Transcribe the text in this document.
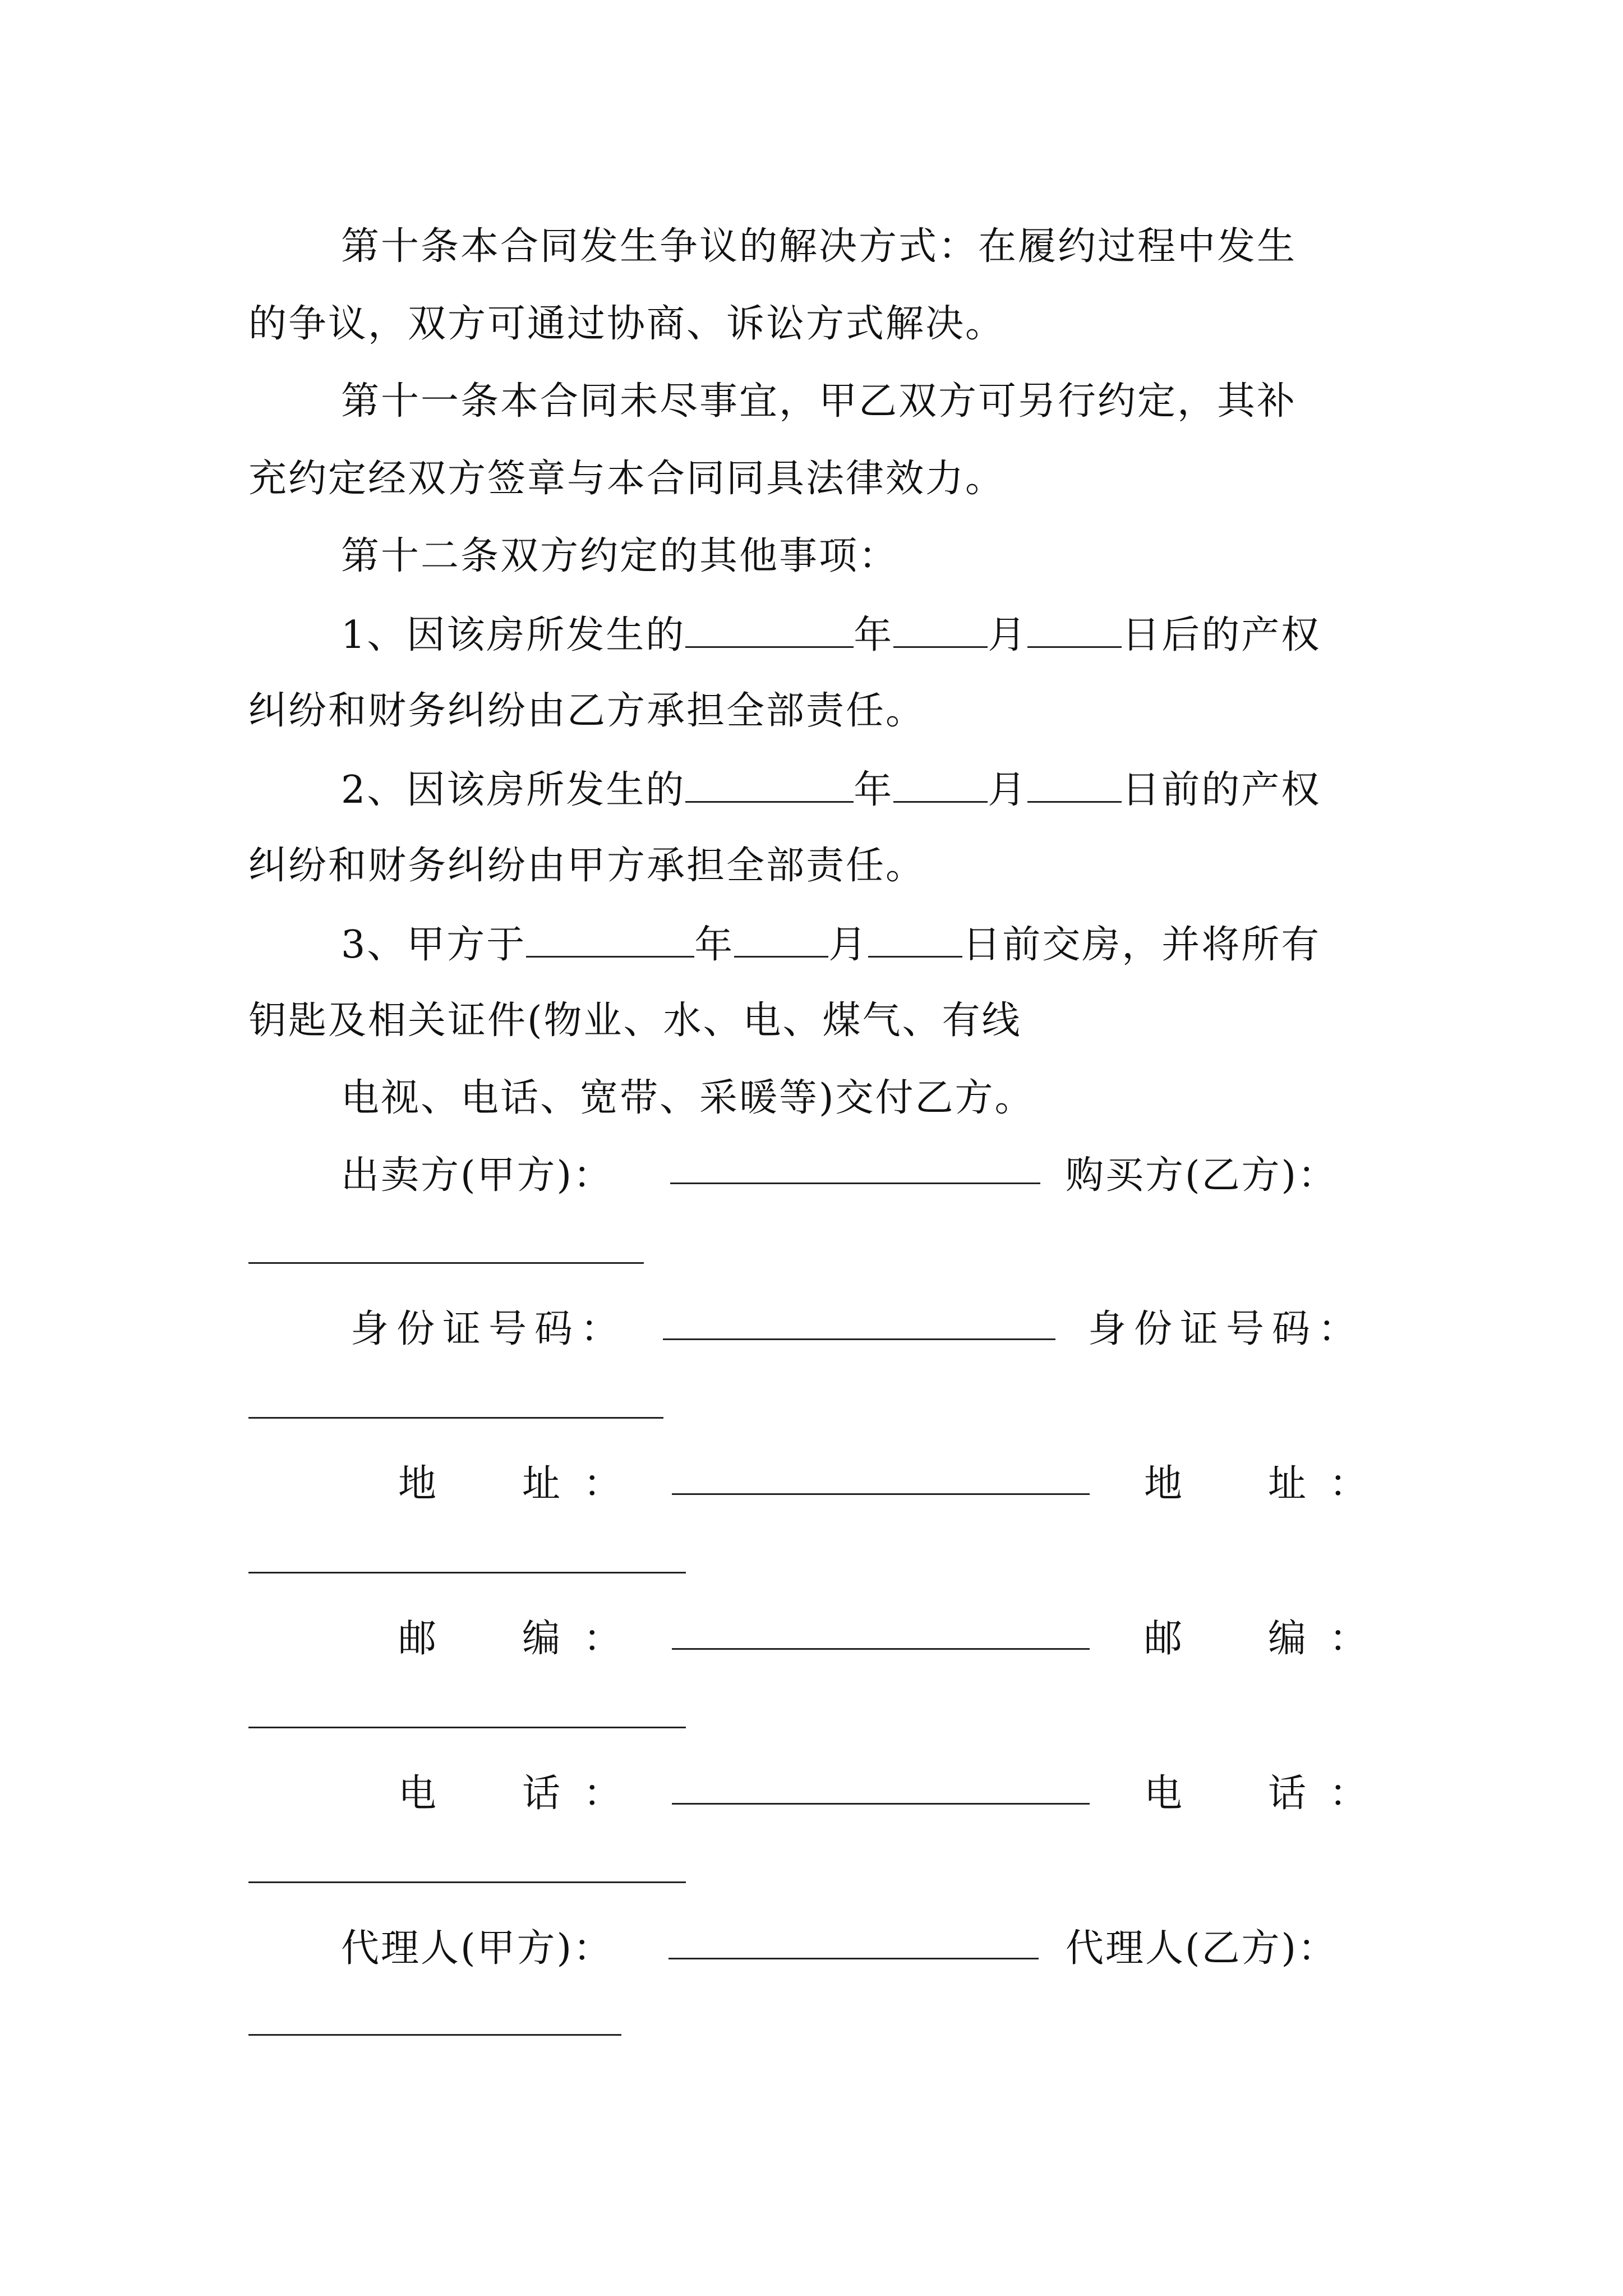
第十条本合同发生争议的解决方式：在履约过程中发生
的争议，双方可通过协商、诉讼方式解决。
第十一条本合同未尽事宜，甲乙双方可另行约定，其补
充约定经双方签章与本合同同具法律效力。
第十二条双方约定的其他事项：
1、因该房所发生的	年 月 日后的产权
纠纷和财务纠纷由乙方承担全部责任。
2、因该房所发生的	年 月 日前的产权
纠纷和财务纠纷由甲方承担全部责任。
3、甲方于	年 月 日前交房，并将所有
钥匙及相关证件(物业、水、电、煤气、有线
电视、电话、宽带、采暖等)交付乙方。
出卖方(甲方)：	购买方(乙方)：
身份证号码：	身份证号码：
地 址 ：	地 址 ：
邮 编 ：	邮 编 ：
电 话 ：	电 话 ：
代理人(甲方)：	代理人(乙方)：
